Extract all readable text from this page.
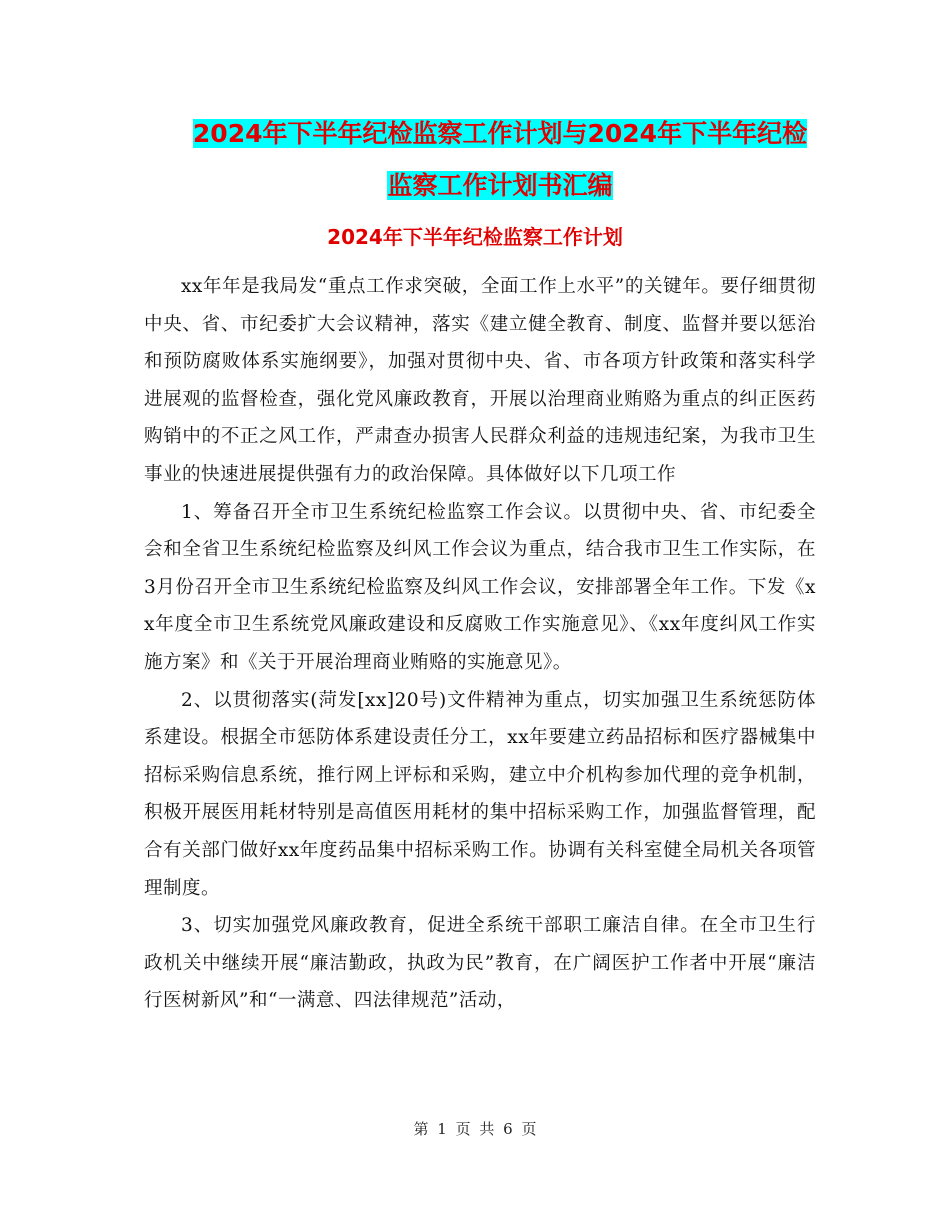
2024年下半年纪检监察工作计划与2024年下半年纪检
监察工作计划书汇编
2024年下半年纪检监察工作计划

xx年年是我局发“重点工作求突破，全面工作上水平”的关键年。要仔细贯彻中央、省、市纪委扩大会议精神，落实《建立健全教育、制度、监督并要以惩治和预防腐败体系实施纲要》，加强对贯彻中央、省、市各项方针政策和落实科学进展观的监督检查，强化党风廉政教育，开展以治理商业贿赂为重点的纠正医药购销中的不正之风工作，严肃查办损害人民群众利益的违规违纪案，为我市卫生事业的快速进展提供强有力的政治保障。具体做好以下几项工作

1、筹备召开全市卫生系统纪检监察工作会议。以贯彻中央、省、市纪委全会和全省卫生系统纪检监察及纠风工作会议为重点，结合我市卫生工作实际，在3月份召开全市卫生系统纪检监察及纠风工作会议，安排部署全年工作。下发《xx年度全市卫生系统党风廉政建设和反腐败工作实施意见》、《xx年度纠风工作实施方案》和《关于开展治理商业贿赂的实施意见》。

2、以贯彻落实(菏发[xx]20号)文件精神为重点，切实加强卫生系统惩防体系建设。根据全市惩防体系建设责任分工，xx年要建立药品招标和医疗器械集中招标采购信息系统，推行网上评标和采购，建立中介机构参加代理的竞争机制，积极开展医用耗材特别是高值医用耗材的集中招标采购工作，加强监督管理，配合有关部门做好xx年度药品集中招标采购工作。协调有关科室健全局机关各项管理制度。

3、切实加强党风廉政教育，促进全系统干部职工廉洁自律。在全市卫生行政机关中继续开展“廉洁勤政，执政为民”教育，在广阔医护工作者中开展“廉洁行医树新风”和“一满意、四法律规范”活动，

第 1 页 共 6 页
